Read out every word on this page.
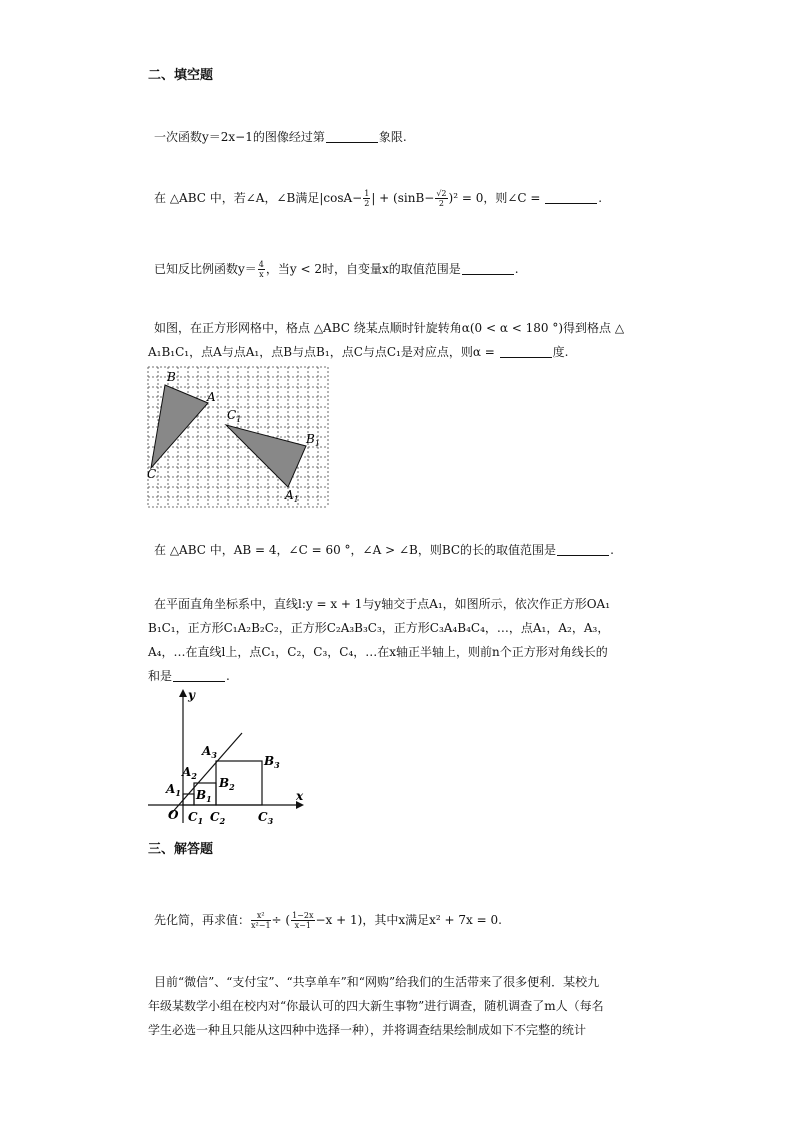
二、填空题
一次函数y＝2x−1的图像经过第	象限.
在 △ABC 中，若∠A，∠B满足$|\cos A- \frac{1}{2}$ | + $(\sin B- \frac{√2}{2} )^2 = 0$，则∠C =	.
已知反比例函数$y= \frac{4}{x}$ ，当y < 2时，自变量x的取值范围是	.
如图，在正方形网格中，格点 △ABC 绕某点顺时针旋转角α(0 < α < 180 °)得到格点 △
A₁B₁C₁，点A与点A₁，点B与点B₁，点C与点C₁是对应点，则α =	度.
B
A
C
$C_1$
$B_1$
$A_1$
在 △ABC 中，AB = 4，∠C = 60 °，∠A > ∠B，则BC的长的取值范围是	.
在平面直角坐标系中，直线l:y = x + 1与y轴交于点A₁，如图所示，依次作正方形OA₁
B₁C₁，正方形C₁A₂B₂C₂，正方形C₂A₃B₃C₃，正方形C₃A₄B₄C₄，…，点A₁，A₂，A₃，
A₄，…在直线l上，点C₁，C₂，C₃，C₄，…在x轴正半轴上，则前n个正方形对角线长的
和是	.
y
x
O
$A_1$
$A_2$
$A_3$
$B_1$
$B_2$
$B_3$
$C_1$ $C_2$	$C_3$
三、解答题
先化简，再求值： $\frac{\text{x²}}{\text{x²−1}}$ ÷ ( $\frac{1-2x}{x-1} -x + 1$)，其中x满足x² + 7x = 0.
目前“微信”、“支付宝”、“共享单车”和“网购”给我们的生活带来了很多便利．某校九
年级某数学小组在校内对“你最认可的四大新生事物”进行调查，随机调查了m人（每名
学生必选一种且只能从这四种中选择一种），并将调查结果绘制成如下不完整的统计
